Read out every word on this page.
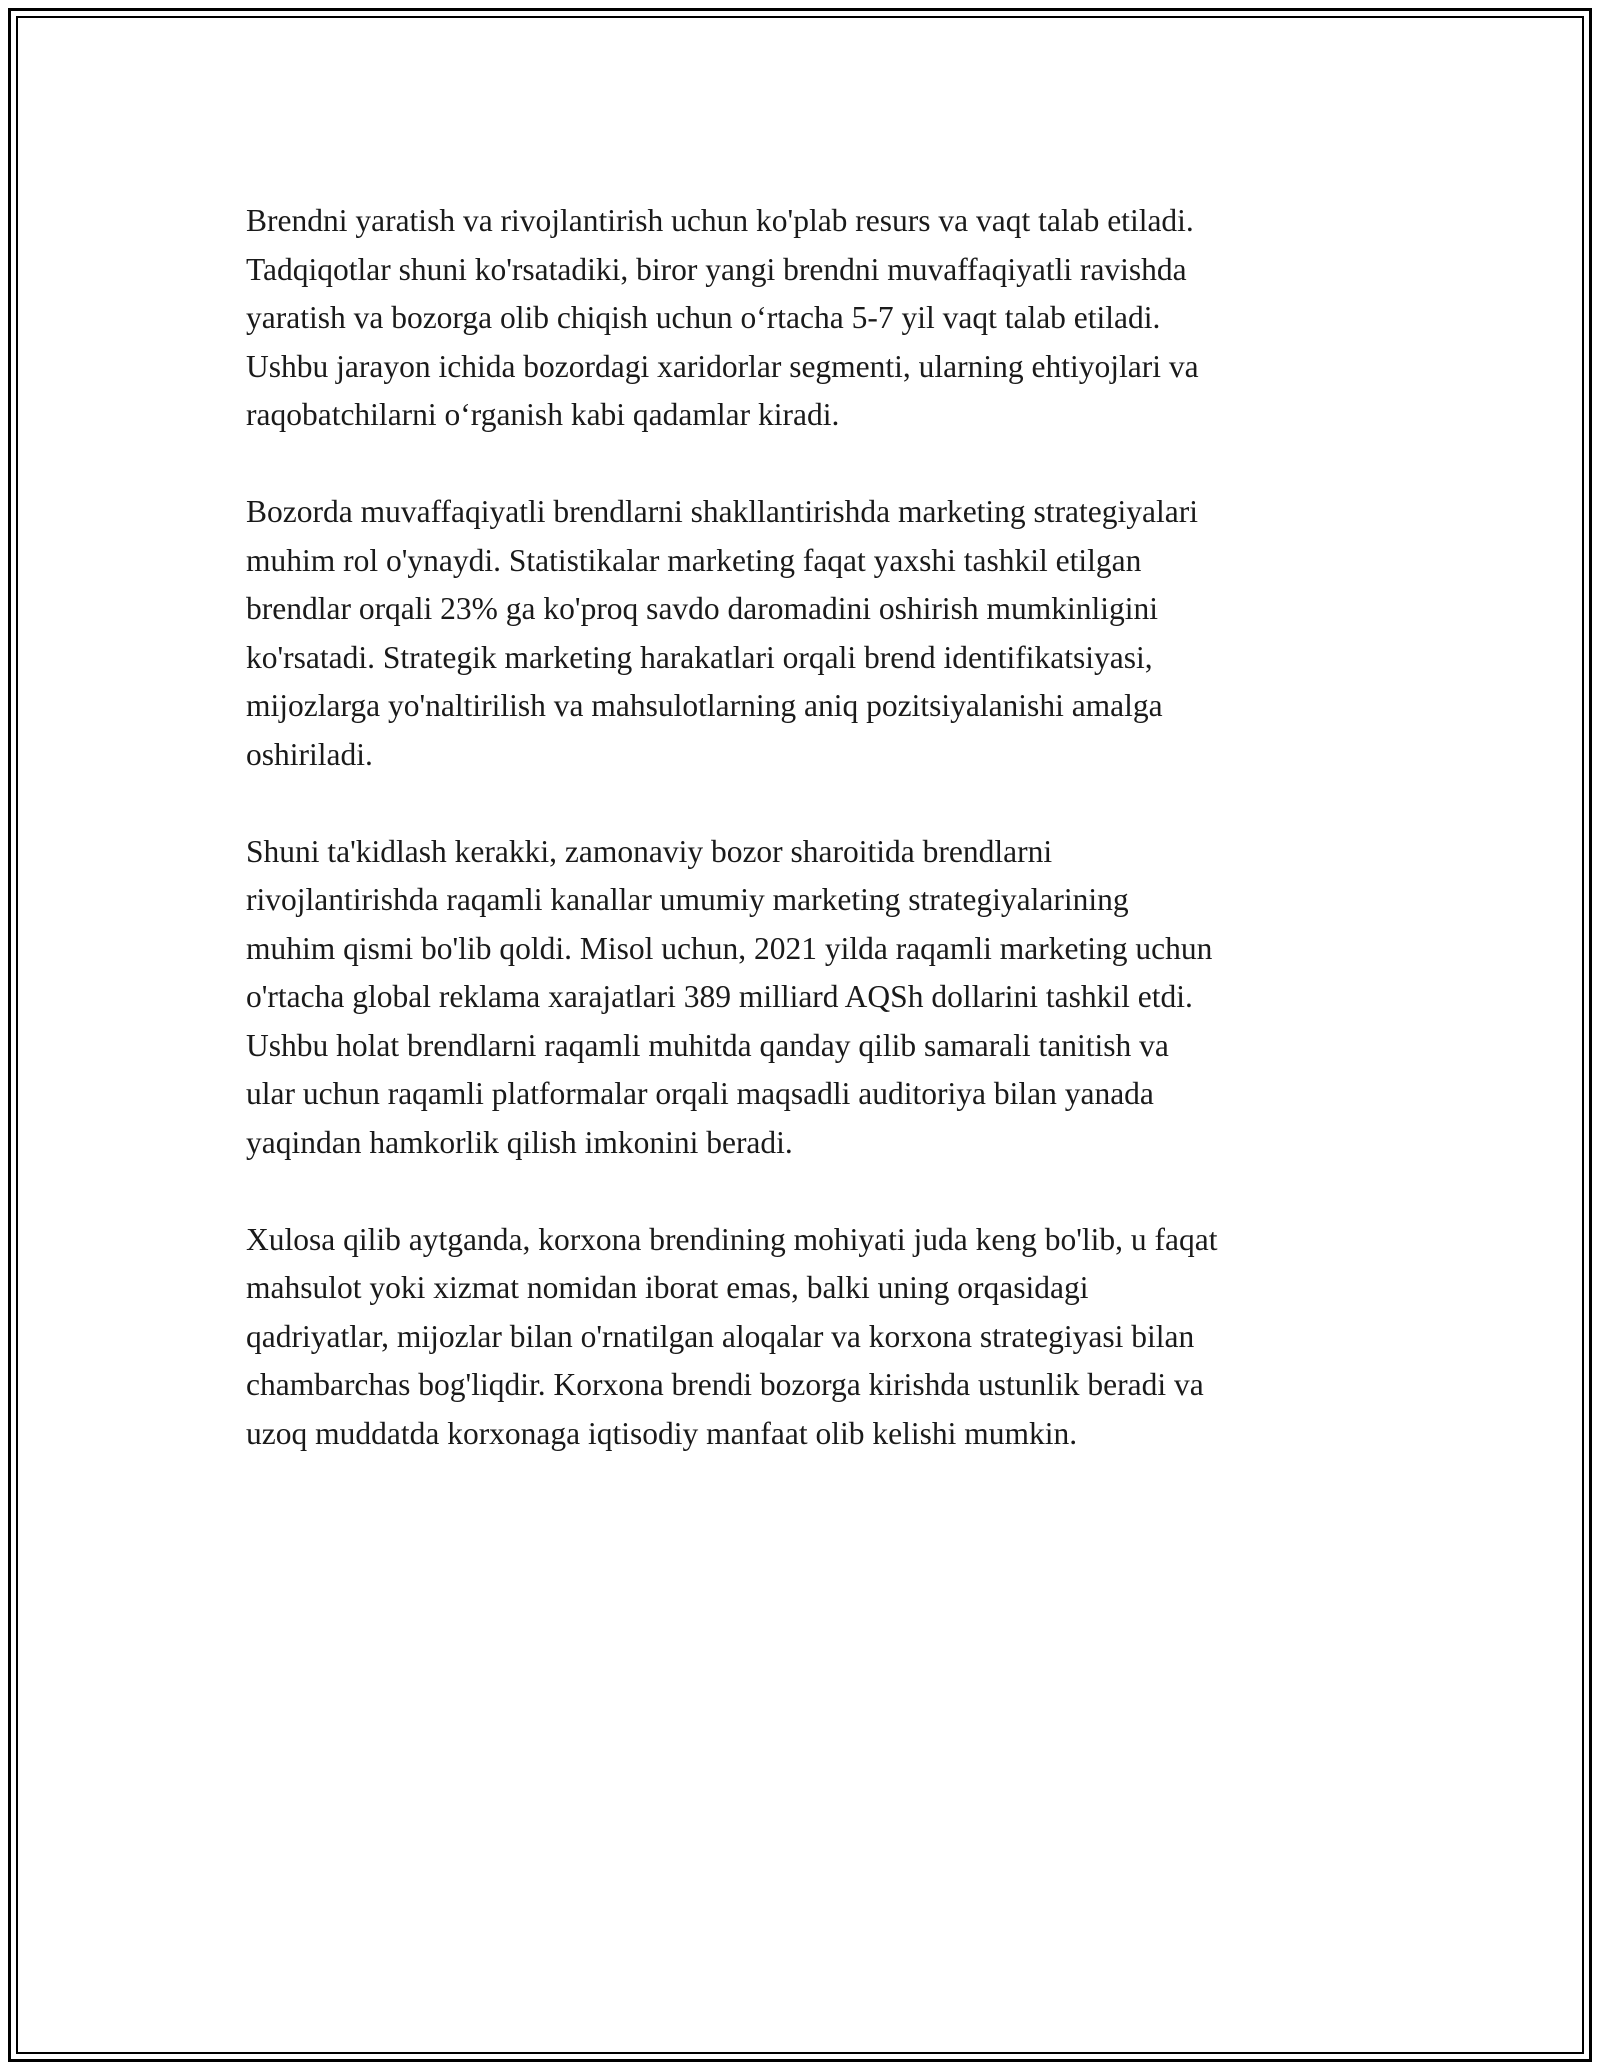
Brendni yaratish va rivojlantirish uchun ko'plab resurs va vaqt talab etiladi.
Tadqiqotlar shuni ko'rsatadiki, biror yangi brendni muvaffaqiyatli ravishda
yaratish va bozorga olib chiqish uchun o‘rtacha 5-7 yil vaqt talab etiladi.
Ushbu jarayon ichida bozordagi xaridorlar segmenti, ularning ehtiyojlari va
raqobatchilarni o‘rganish kabi qadamlar kiradi.

Bozorda muvaffaqiyatli brendlarni shakllantirishda marketing strategiyalari
muhim rol o'ynaydi. Statistikalar marketing faqat yaxshi tashkil etilgan
brendlar orqali 23% ga ko'proq savdo daromadini oshirish mumkinligini
ko'rsatadi. Strategik marketing harakatlari orqali brend identifikatsiyasi,
mijozlarga yo'naltirilish va mahsulotlarning aniq pozitsiyalanishi amalga
oshiriladi.

Shuni ta'kidlash kerakki, zamonaviy bozor sharoitida brendlarni
rivojlantirishda raqamli kanallar umumiy marketing strategiyalarining
muhim qismi bo'lib qoldi. Misol uchun, 2021 yilda raqamli marketing uchun
o'rtacha global reklama xarajatlari 389 milliard AQSh dollarini tashkil etdi.
Ushbu holat brendlarni raqamli muhitda qanday qilib samarali tanitish va
ular uchun raqamli platformalar orqali maqsadli auditoriya bilan yanada
yaqindan hamkorlik qilish imkonini beradi.

Xulosa qilib aytganda, korxona brendining mohiyati juda keng bo'lib, u faqat
mahsulot yoki xizmat nomidan iborat emas, balki uning orqasidagi
qadriyatlar, mijozlar bilan o'rnatilgan aloqalar va korxona strategiyasi bilan
chambarchas bog'liqdir. Korxona brendi bozorga kirishda ustunlik beradi va
uzoq muddatda korxonaga iqtisodiy manfaat olib kelishi mumkin.
